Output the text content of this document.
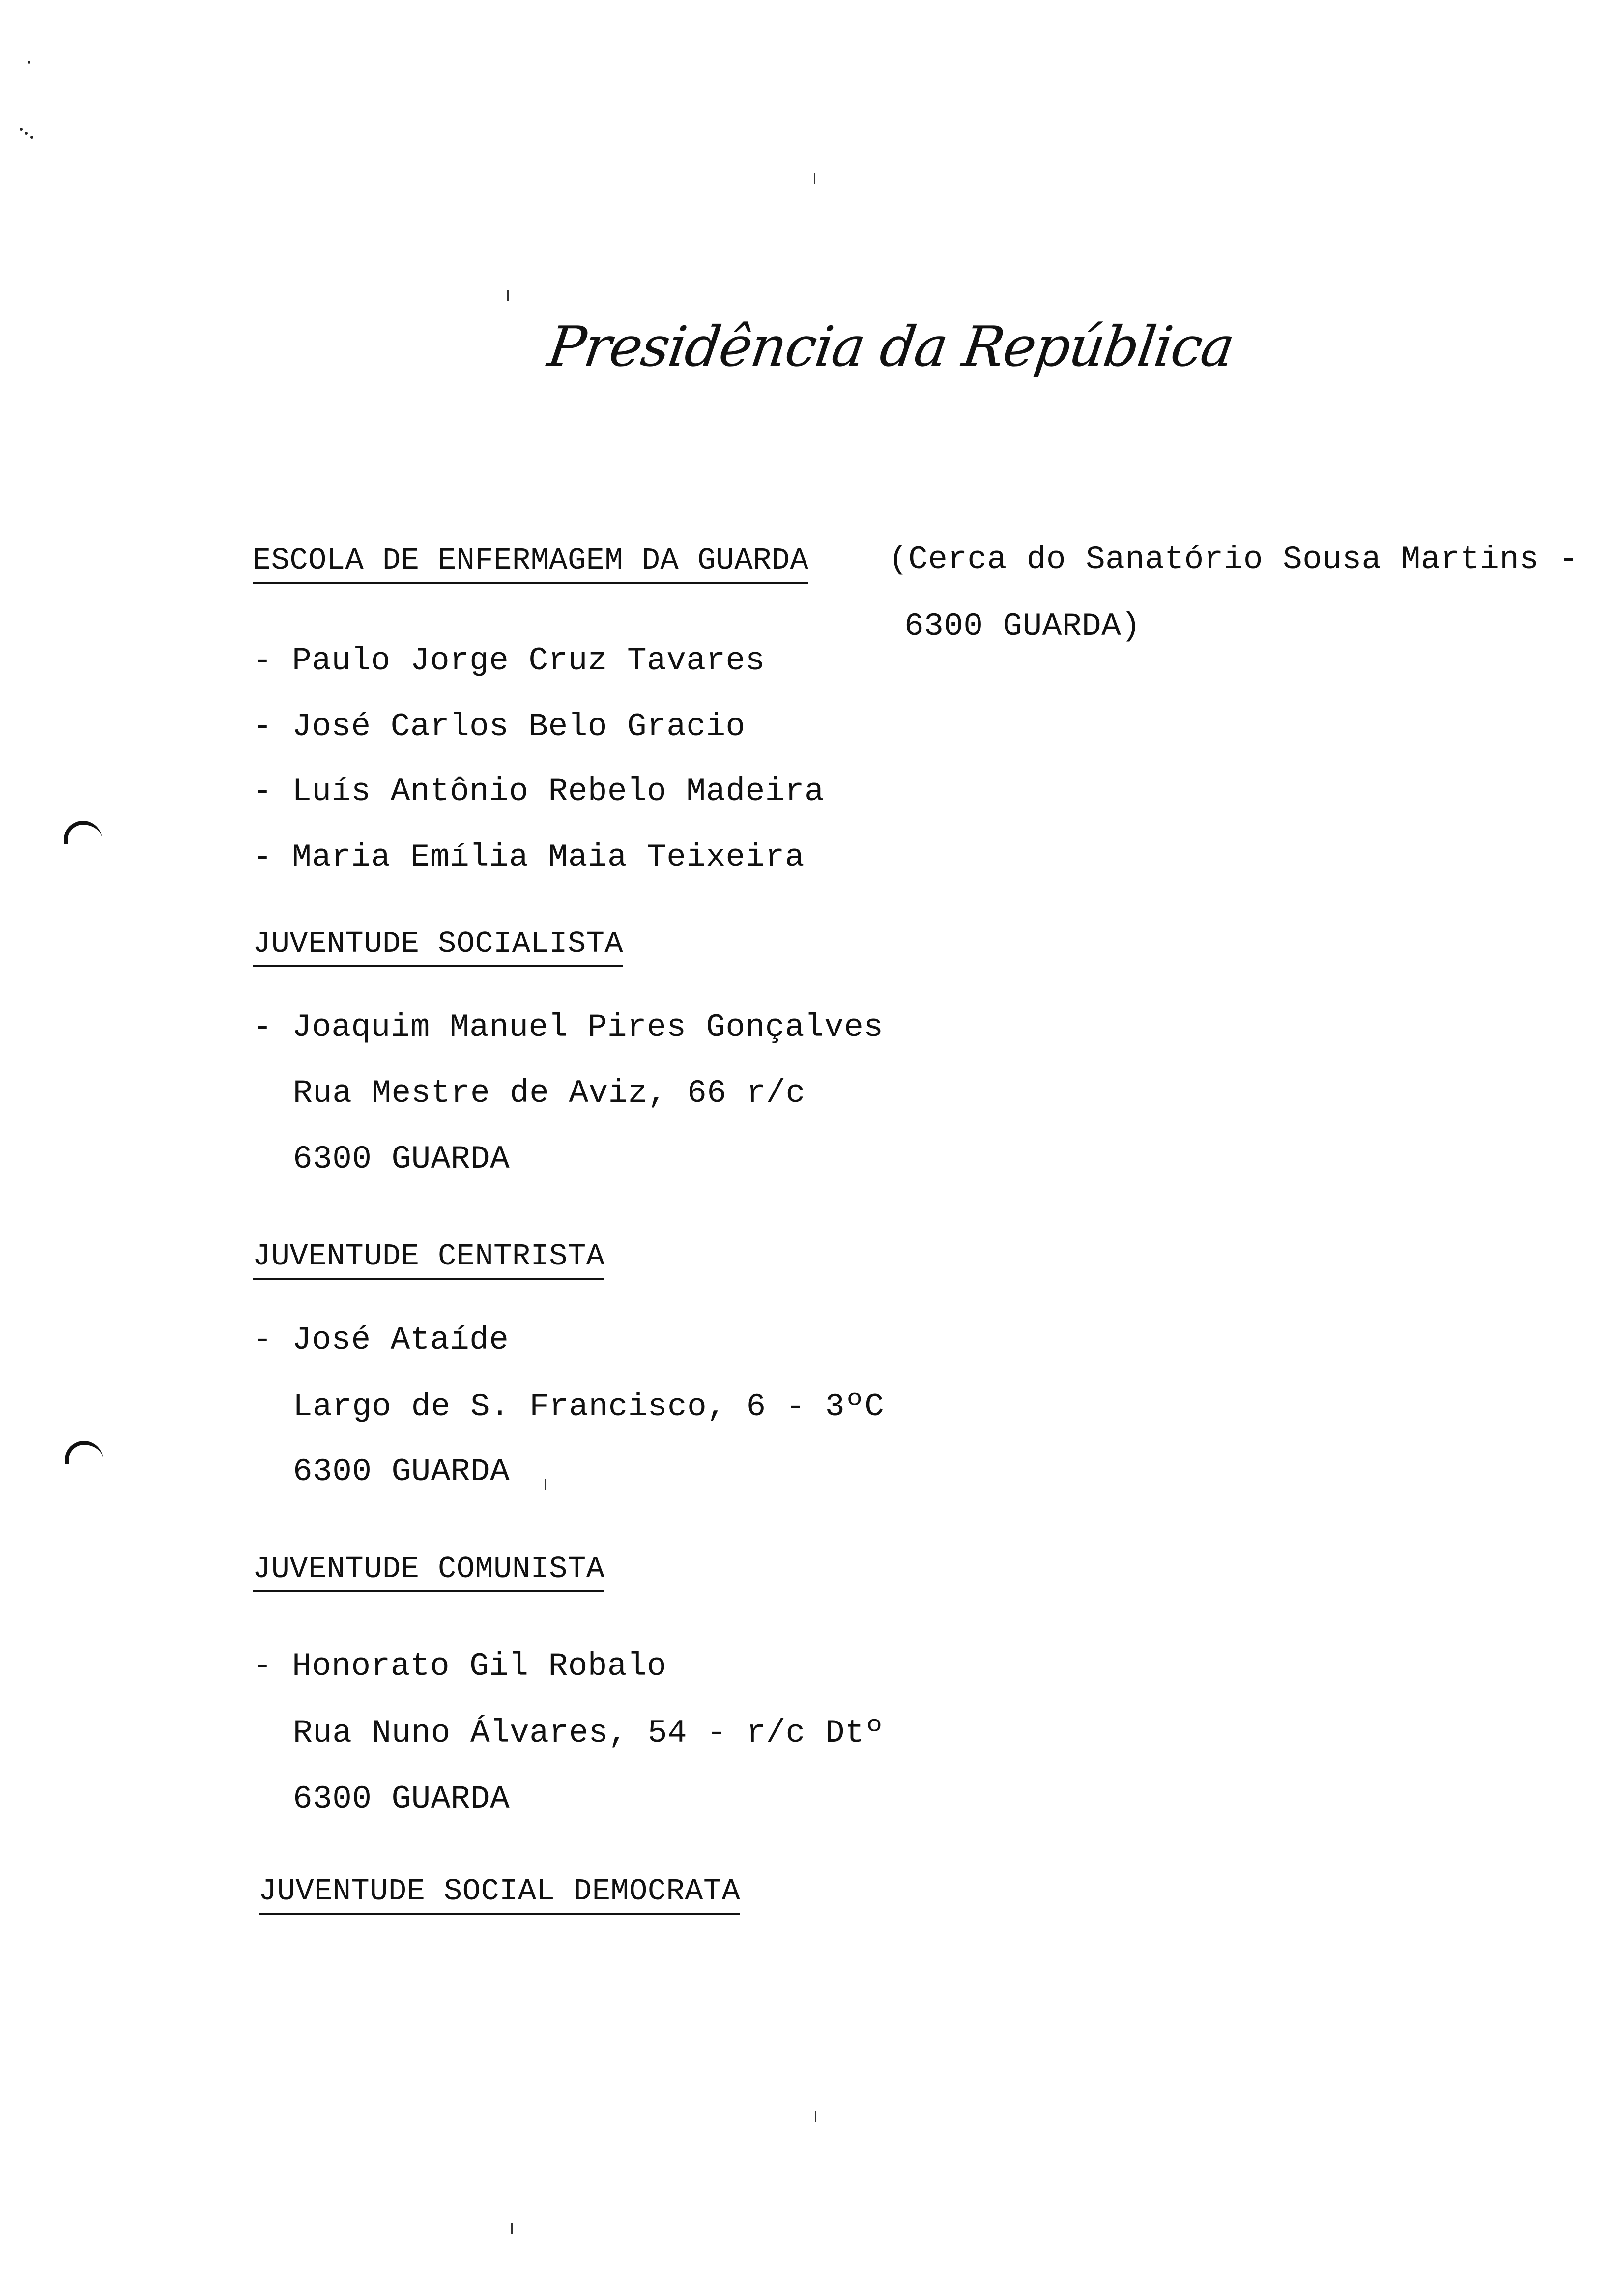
Presidência da República
ESCOLA DE ENFERMAGEM DA GUARDA (Cerca do Sanatório Sousa Martins -
6300 GUARDA)
- Paulo Jorge Cruz Tavares
- José Carlos Belo Gracio
- Luís Antônio Rebelo Madeira
- Maria Emília Maia Teixeira
JUVENTUDE SOCIALISTA
- Joaquim Manuel Pires Gonçalves
Rua Mestre de Aviz, 66 r/c
6300 GUARDA
JUVENTUDE CENTRISTA
- José Ataíde
Largo de S. Francisco, 6 - 3ºC
6300 GUARDA
JUVENTUDE COMUNISTA
- Honorato Gil Robalo
Rua Nuno Álvares, 54 - r/c Dtº
6300 GUARDA
JUVENTUDE SOCIAL DEMOCRATA
